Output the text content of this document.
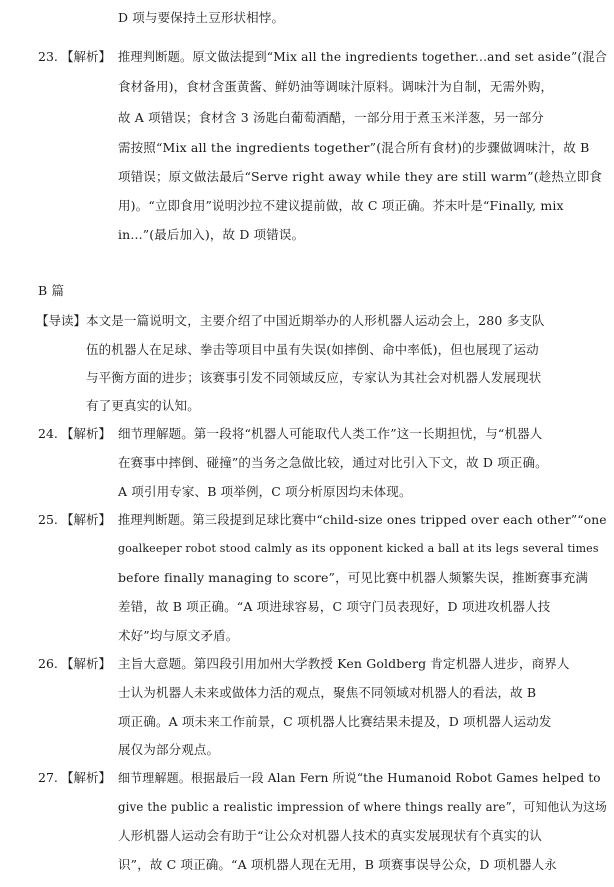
D 项与要保持土豆形状相悖。
23. 【解析】 推理判断题。原文做法提到“Mix all the ingredients together...and set aside”(混合
食材备用)，食材含蛋黄酱、鲜奶油等调味汁原料。调味汁为自制，无需外购，
故 A 项错误；食材含 3 汤匙白葡萄酒醋，一部分用于煮玉米洋葱，另一部分
需按照“Mix all the ingredients together”(混合所有食材)的步骤做调味汁，故 B
项错误；原文做法最后“Serve right away while they are still warm”(趁热立即食
用)。“立即食用”说明沙拉不建议提前做，故 C 项正确。芥末叶是“Finally, mix
in...”(最后加入)，故 D 项错误。
B 篇
【导读】 本文是一篇说明文，主要介绍了中国近期举办的人形机器人运动会上，280 多支队
伍的机器人在足球、拳击等项目中虽有失误(如摔倒、命中率低)，但也展现了运动
与平衡方面的进步；该赛事引发不同领域反应，专家认为其社会对机器人发展现状
有了更真实的认知。
24. 【解析】 细节理解题。第一段将“机器人可能取代人类工作”这一长期担忧，与“机器人
在赛事中摔倒、碰撞”的当务之急做比较，通过对比引入下文，故 D 项正确。
A 项引用专家、B 项举例，C 项分析原因均未体现。
25. 【解析】 推理判断题。第三段提到足球比赛中“child-size ones tripped over each other”“one
goalkeeper robot stood calmly as its opponent kicked a ball at its legs several times
before finally managing to score”，可见比赛中机器人频繁失误，推断赛事充满
差错，故 B 项正确。“A 项进球容易，C 项守门员表现好，D 项进攻机器人技
术好”均与原文矛盾。
26. 【解析】 主旨大意题。第四段引用加州大学教授 Ken Goldberg 肯定机器人进步，商界人
士认为机器人未来或做体力活的观点，聚焦不同领域对机器人的看法，故 B
项正确。A 项未来工作前景，C 项机器人比赛结果未提及，D 项机器人运动发
展仅为部分观点。
27. 【解析】 细节理解题。根据最后一段 Alan Fern 所说“the Humanoid Robot Games helped to
give the public a realistic impression of where things really are”，可知他认为这场
人形机器人运动会有助于“让公众对机器人技术的真实发展现状有个真实的认
识”，故 C 项正确。“A 项机器人现在无用，B 项赛事误导公众，D 项机器人永
